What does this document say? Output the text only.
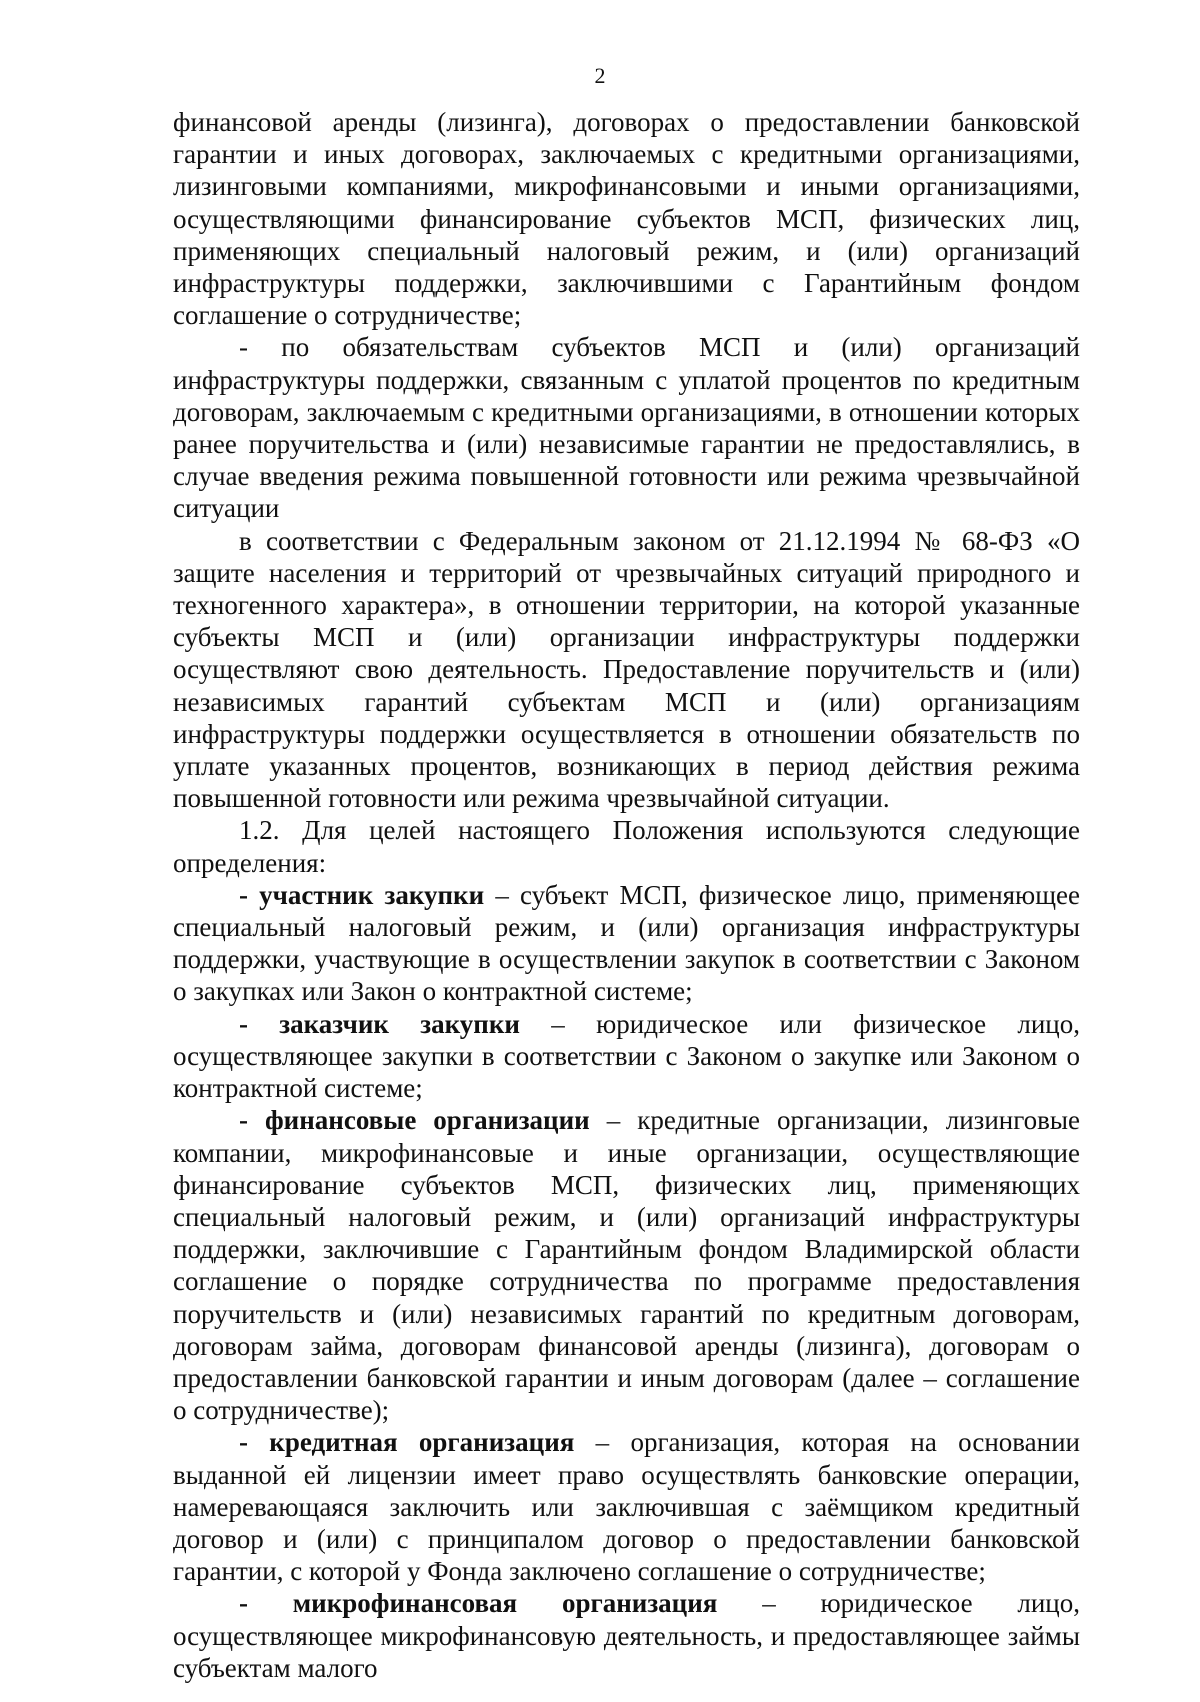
2

финансовой аренды (лизинга), договорах о предоставлении банковской гарантии и иных договорах, заключаемых с кредитными организациями, лизинговыми компаниями, микрофинансовыми и иными организациями, осуществляющими финансирование субъектов МСП, физических лиц, применяющих специальный налоговый режим, и (или) организаций инфраструктуры поддержки, заключившими с Гарантийным фондом соглашение о сотрудничестве;

- по обязательствам субъектов МСП и (или) организаций инфраструктуры поддержки, связанным с уплатой процентов по кредитным договорам, заключаемым с кредитными организациями, в отношении которых ранее поручительства и (или) независимые гарантии не предоставлялись, в случае введения режима повышенной готовности или режима чрезвычайной ситуации

в соответствии с Федеральным законом от 21.12.1994 № 68-ФЗ «О защите населения и территорий от чрезвычайных ситуаций природного и техногенного характера», в отношении территории, на которой указанные субъекты МСП и (или) организации инфраструктуры поддержки осуществляют свою деятельность. Предоставление поручительств и (или) независимых гарантий субъектам МСП и (или) организациям инфраструктуры поддержки осуществляется в отношении обязательств по уплате указанных процентов, возникающих в период действия режима повышенной готовности или режима чрезвычайной ситуации.

1.2. Для целей настоящего Положения используются следующие определения:

- участник закупки – субъект МСП, физическое лицо, применяющее специальный налоговый режим, и (или) организация инфраструктуры поддержки, участвующие в осуществлении закупок в соответствии с Законом о закупках или Закон о контрактной системе;

- заказчик закупки – юридическое или физическое лицо, осуществляющее закупки в соответствии с Законом о закупке или Законом о контрактной системе;

- финансовые организации – кредитные организации, лизинговые компании, микрофинансовые и иные организации, осуществляющие финансирование субъектов МСП, физических лиц, применяющих специальный налоговый режим, и (или) организаций инфраструктуры поддержки, заключившие с Гарантийным фондом Владимирской области соглашение о порядке сотрудничества по программе предоставления поручительств и (или) независимых гарантий по кредитным договорам, договорам займа, договорам финансовой аренды (лизинга), договорам о предоставлении банковской гарантии и иным договорам (далее – соглашение о сотрудничестве);

- кредитная организация – организация, которая на основании выданной ей лицензии имеет право осуществлять банковские операции, намеревающаяся заключить или заключившая с заёмщиком кредитный договор и (или) с принципалом договор о предоставлении банковской гарантии, с которой у Фонда заключено соглашение о сотрудничестве;

- микрофинансовая организация – юридическое лицо, осуществляющее микрофинансовую деятельность, и предоставляющее займы субъектам малого
